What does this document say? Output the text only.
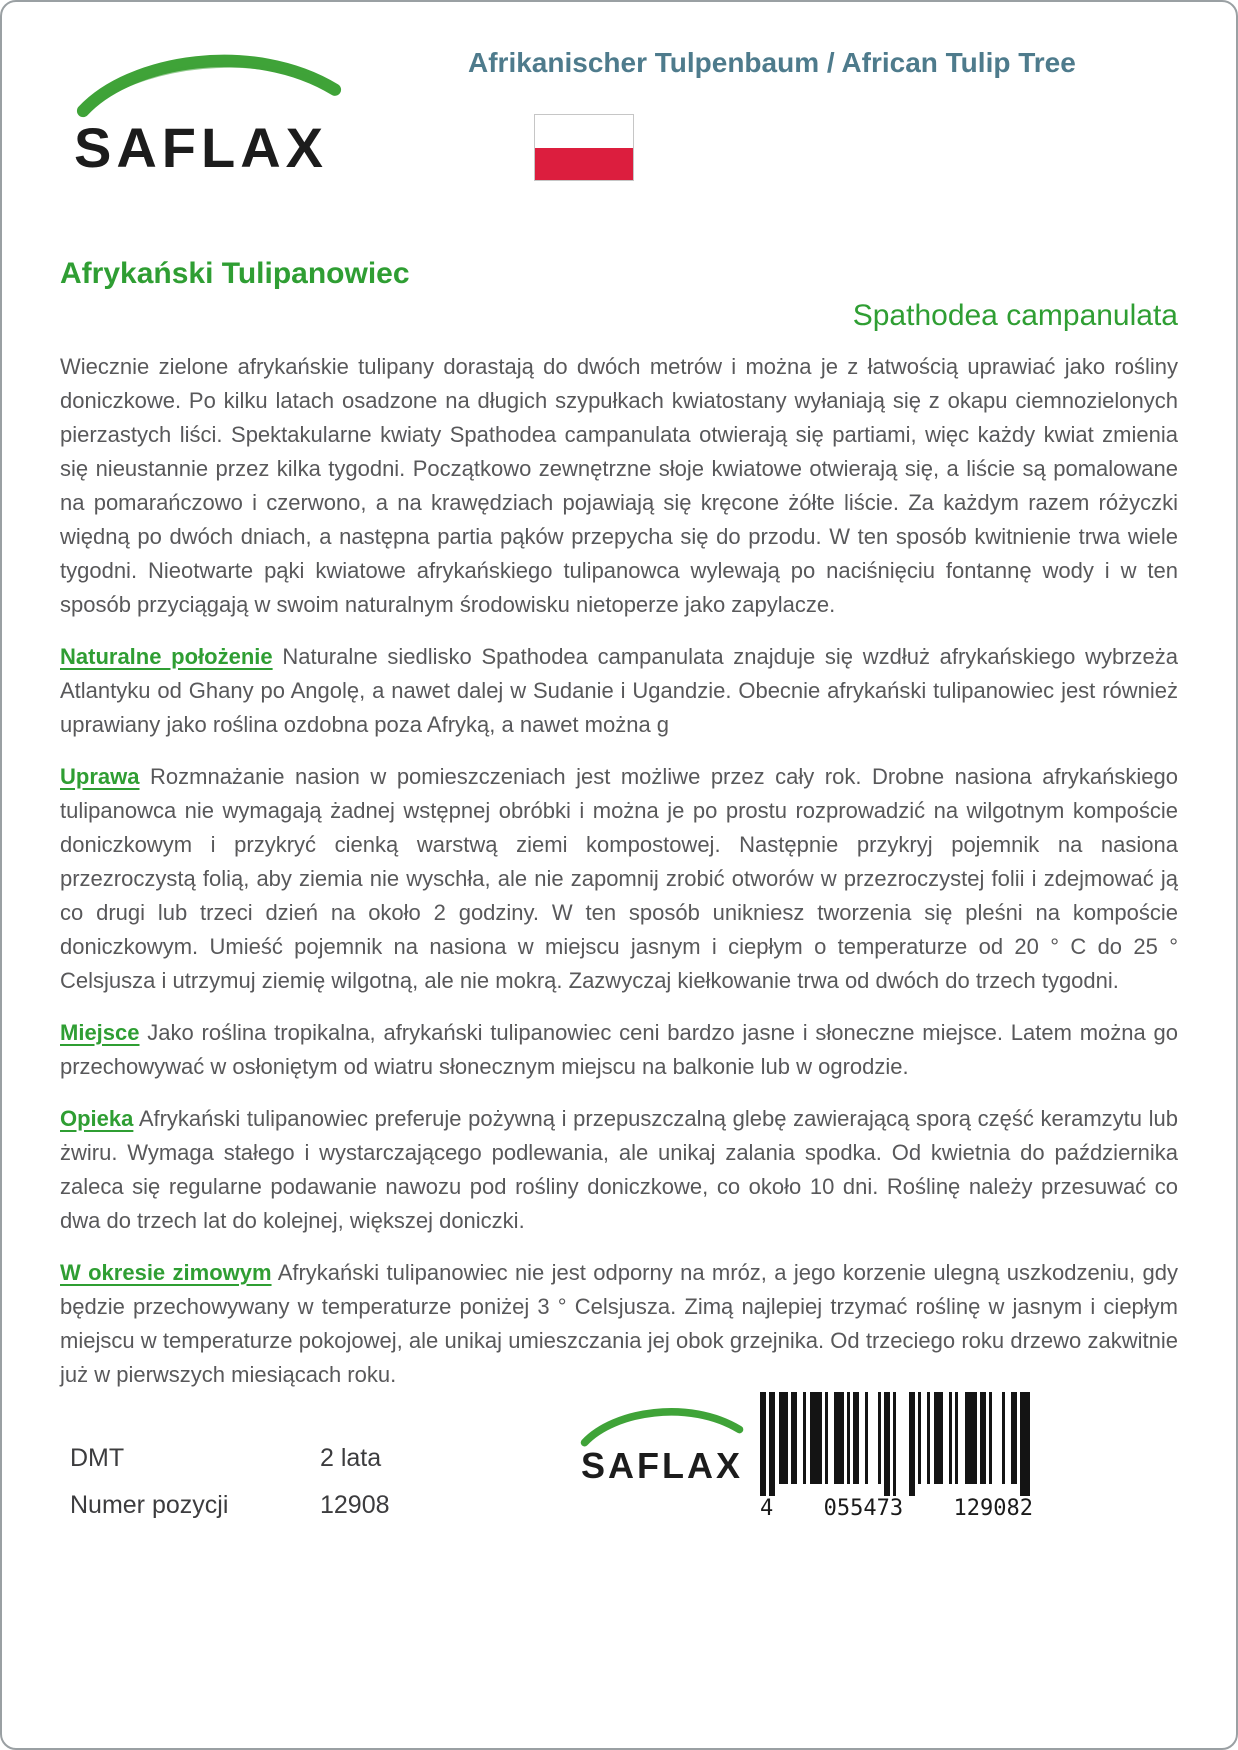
SAFLAX
Afrikanischer Tulpenbaum / African Tulip Tree
Afrykański Tulipanowiec
Spathodea campanulata

Wiecznie zielone afrykańskie tulipany dorastają do dwóch metrów i można je z łatwością uprawiać jako rośliny doniczkowe. Po kilku latach osadzone na długich szypułkach kwiatostany wyłaniają się z okapu ciemnozielonych pierzastych liści. Spektakularne kwiaty Spathodea campanulata otwierają się partiami, więc każdy kwiat zmienia się nieustannie przez kilka tygodni. Początkowo zewnętrzne słoje kwiatowe otwierają się, a liście są pomalowane na pomarańczowo i czerwono, a na krawędziach pojawiają się kręcone żółte liście. Za każdym razem różyczki więdną po dwóch dniach, a następna partia pąków przepycha się do przodu. W ten sposób kwitnienie trwa wiele tygodni. Nieotwarte pąki kwiatowe afrykańskiego tulipanowca wylewają po naciśnięciu fontannę wody i w ten sposób przyciągają w swoim naturalnym środowisku nietoperze jako zapylacze.

Naturalne położenie Naturalne siedlisko Spathodea campanulata znajduje się wzdłuż afrykańskiego wybrzeża Atlantyku od Ghany po Angolę, a nawet dalej w Sudanie i Ugandzie. Obecnie afrykański tulipanowiec jest również uprawiany jako roślina ozdobna poza Afryką, a nawet można g

Uprawa Rozmnażanie nasion w pomieszczeniach jest możliwe przez cały rok. Drobne nasiona afrykańskiego tulipanowca nie wymagają żadnej wstępnej obróbki i można je po prostu rozprowadzić na wilgotnym kompoście doniczkowym i przykryć cienką warstwą ziemi kompostowej. Następnie przykryj pojemnik na nasiona przezroczystą folią, aby ziemia nie wyschła, ale nie zapomnij zrobić otworów w przezroczystej folii i zdejmować ją co drugi lub trzeci dzień na około 2 godziny. W ten sposób unikniesz tworzenia się pleśni na kompoście doniczkowym. Umieść pojemnik na nasiona w miejscu jasnym i ciepłym o temperaturze od 20 ° C do 25 ° Celsjusza i utrzymuj ziemię wilgotną, ale nie mokrą. Zazwyczaj kiełkowanie trwa od dwóch do trzech tygodni.

Miejsce Jako roślina tropikalna, afrykański tulipanowiec ceni bardzo jasne i słoneczne miejsce. Latem można go przechowywać w osłoniętym od wiatru słonecznym miejscu na balkonie lub w ogrodzie.

Opieka Afrykański tulipanowiec preferuje pożywną i przepuszczalną glebę zawierającą sporą część keramzytu lub żwiru. Wymaga stałego i wystarczającego podlewania, ale unikaj zalania spodka. Od kwietnia do października zaleca się regularne podawanie nawozu pod rośliny doniczkowe, co około 10 dni. Roślinę należy przesuwać co dwa do trzech lat do kolejnej, większej doniczki.

W okresie zimowym Afrykański tulipanowiec nie jest odporny na mróz, a jego korzenie ulegną uszkodzeniu, gdy będzie przechowywany w temperaturze poniżej 3 ° Celsjusza. Zimą najlepiej trzymać roślinę w jasnym i ciepłym miejscu w temperaturze pokojowej, ale unikaj umieszczania jej obok grzejnika. Od trzeciego roku drzewo zakwitnie już w pierwszych miesiącach roku.

DMT	2 lata
Numer pozycji	12908
SAFLAX
4 055473 129082
